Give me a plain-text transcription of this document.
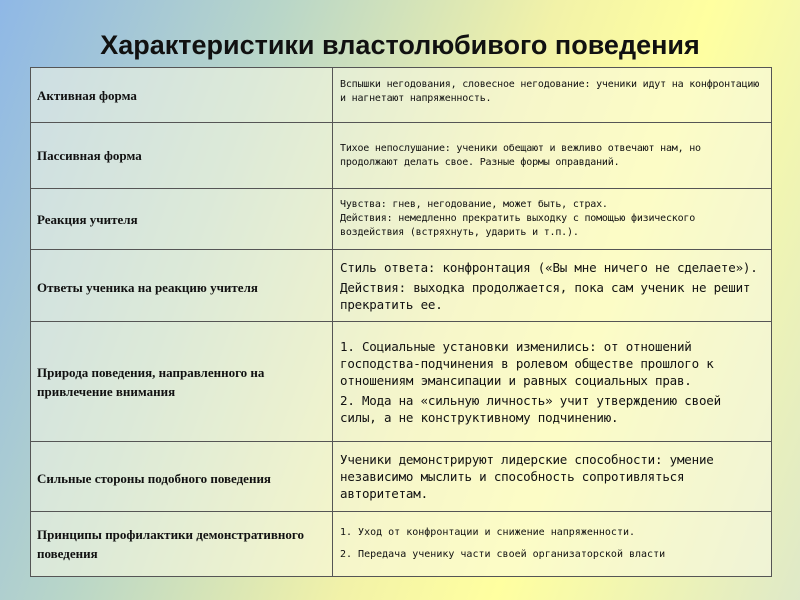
Характеристики властолюбивого поведения
Активная форма	Вспышки негодования, словесное негодование: ученики идут на конфронтацию и нагнетают напряженность.

Пассивная форма	Тихое непослушание: ученики обещают и вежливо отвечают нам, но продолжают делать свое. Разные формы оправданий.

Реакция учителя	Чувства: гнев, негодование, может быть, страх.

Действия: немедленно прекратить выходку с помощью физического воздействия (встряхнуть, ударить и т.п.).

Ответы ученика на реакцию учителя	Стиль ответа: конфронтация («Вы мне ничего не сделаете»).

Действия: выходка продолжается, пока сам ученик не решит прекратить ее.

Природа поведения, направленного на привлечение внимания	1. Социальные установки изменились: от отношений господства-подчинения в ролевом обществе прошлого к отношениям эмансипации и равных социальных прав.

2. Мода на «сильную личность» учит утверждению своей силы, а не конструктивному подчинению.

Сильные стороны подобного поведения	Ученики демонстрируют лидерские способности: умение независимо мыслить и способность сопротивляться авторитетам.

Принципы профилактики демонстративного поведения	1. Уход от конфронтации и снижение напряженности.

2. Передача ученику части своей организаторской власти
